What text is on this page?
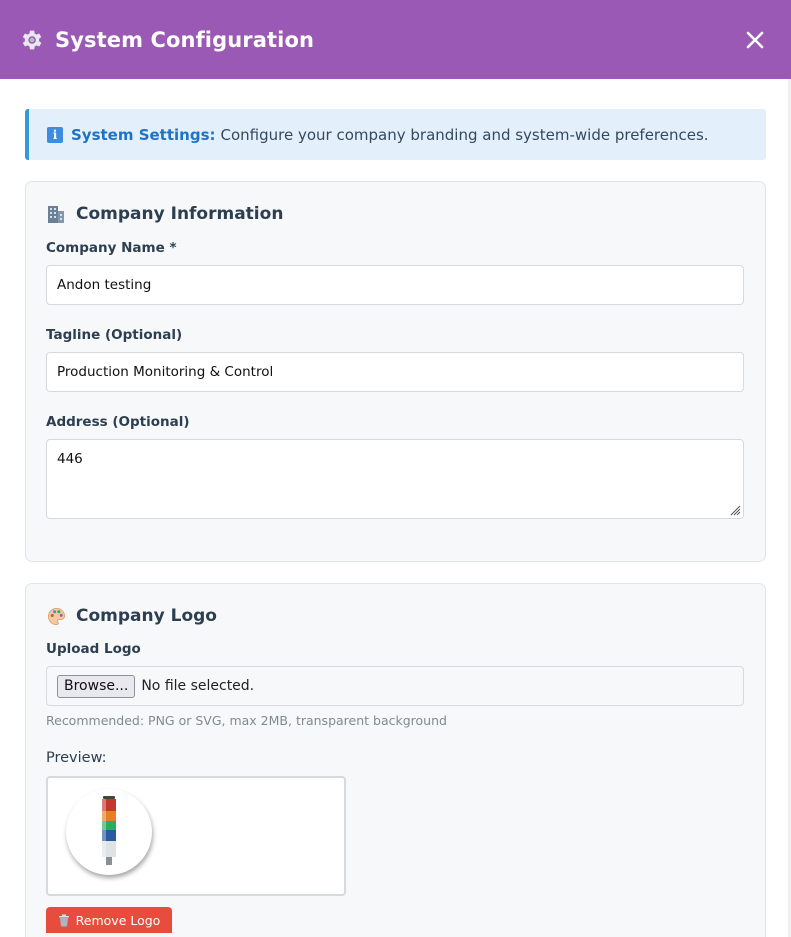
System Configuration
i System Settings: Configure your company branding and system-wide preferences.
Company Information
Company Name *
Andon testing
Tagline (Optional)
Production Monitoring & Control
Address (Optional)
446
Company Logo
Upload Logo
Browse... No file selected.
Recommended: PNG or SVG, max 2MB, transparent background
Preview:
Remove Logo
